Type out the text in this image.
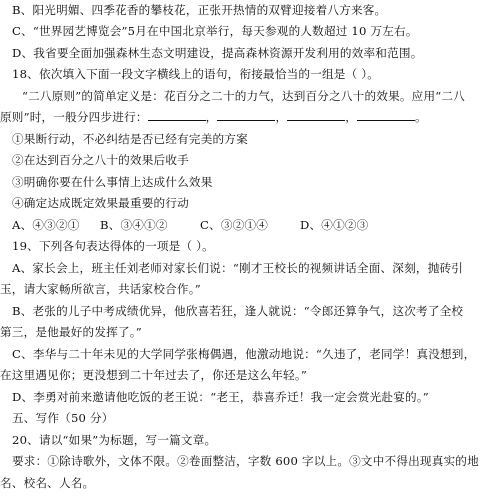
B、阳光明媚、四季花香的攀枝花，正张开热情的双臂迎接着八方来客。
C、“世界园艺博览会”5月在中国北京举行，每天参观的人数超过 10 万左右。
D、我省要全面加强森林生态文明建设，提高森林资源开发利用的效率和范围。
18、依次填入下面一段文字横线上的语句，衔接最恰当的一组是（ ）。
“二八原则”的简单定义是：花百分之二十的力气，达到百分之八十的效果。应用“二八
原则”时，一般分四步进行：	，	，	，	。
①果断行动，不必纠结是否已经有完美的方案
②在达到百分之八十的效果后收手
③明确你要在什么事情上达成什么效果
④确定达成既定效果最重要的行动
A、④③②① B、③④①②	C、③②①④	D、④①②③
19、下列各句表达得体的一项是（ ）。
A、家长会上，班主任刘老师对家长们说：“刚才王校长的视频讲话全面、深刻，抛砖引
玉，请大家畅所欲言，共话家校合作。”
B、老张的儿子中考成绩优异，他欣喜若狂，逢人就说：“令郎还算争气，这次考了全校
第三，是他最好的发挥了。”
C、李华与二十年未见的大学同学张梅偶遇，他激动地说：“久违了，老同学！真没想到，
在这里遇见你；更没想到二十年过去了，你还是这么年轻。”
D、李勇对前来邀请他吃饭的老王说：“老王，恭喜乔迁！我一定会赏光赴宴的。”
五、写作（50 分）
20、请以“如果”为标题，写一篇文章。
要求：①除诗歌外，文体不限。②卷面整洁，字数 600 字以上。③文中不得出现真实的地
名、校名、人名。
